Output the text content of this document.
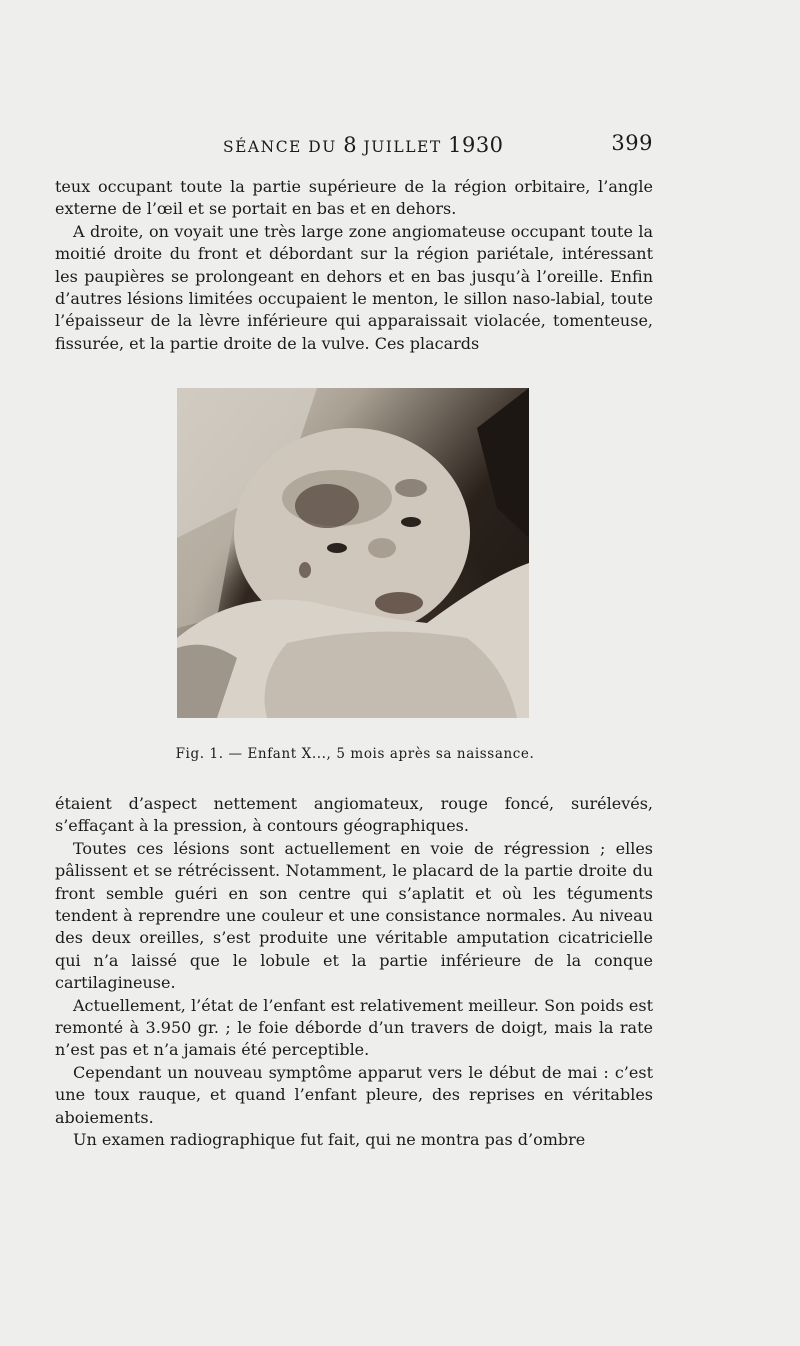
SÉANCE DU 8 JUILLET 1930	399

teux occupant toute la partie supérieure de la région orbitaire, l’angle externe de l’œil et se portait en bas et en dehors.

A droite, on voyait une très large zone angiomateuse occupant toute la moitié droite du front et débordant sur la région pariétale, intéressant les paupières se prolongeant en dehors et en bas jusqu’à l’oreille. Enfin d’autres lésions limitées occupaient le menton, le sillon naso-labial, toute l’épaisseur de la lèvre inférieure qui apparaissait violacée, tomenteuse, fissurée, et la partie droite de la vulve. Ces placards

Fig. 1. — Enfant X..., 5 mois après sa naissance.

étaient d’aspect nettement angiomateux, rouge foncé, surélevés, s’effaçant à la pression, à contours géographiques.

Toutes ces lésions sont actuellement en voie de régression ; elles pâlissent et se rétrécissent. Notamment, le placard de la partie droite du front semble guéri en son centre qui s’aplatit et où les téguments tendent à reprendre une couleur et une consistance normales. Au niveau des deux oreilles, s’est produite une véritable amputation cicatricielle qui n’a laissé que le lobule et la partie inférieure de la conque cartilagineuse.

Actuellement, l’état de l’enfant est relativement meilleur. Son poids est remonté à 3.950 gr. ; le foie déborde d’un travers de doigt, mais la rate n’est pas et n’a jamais été perceptible.

Cependant un nouveau symptôme apparut vers le début de mai : c’est une toux rauque, et quand l’enfant pleure, des reprises en véritables aboiements.

Un examen radiographique fut fait, qui ne montra pas d’ombre
